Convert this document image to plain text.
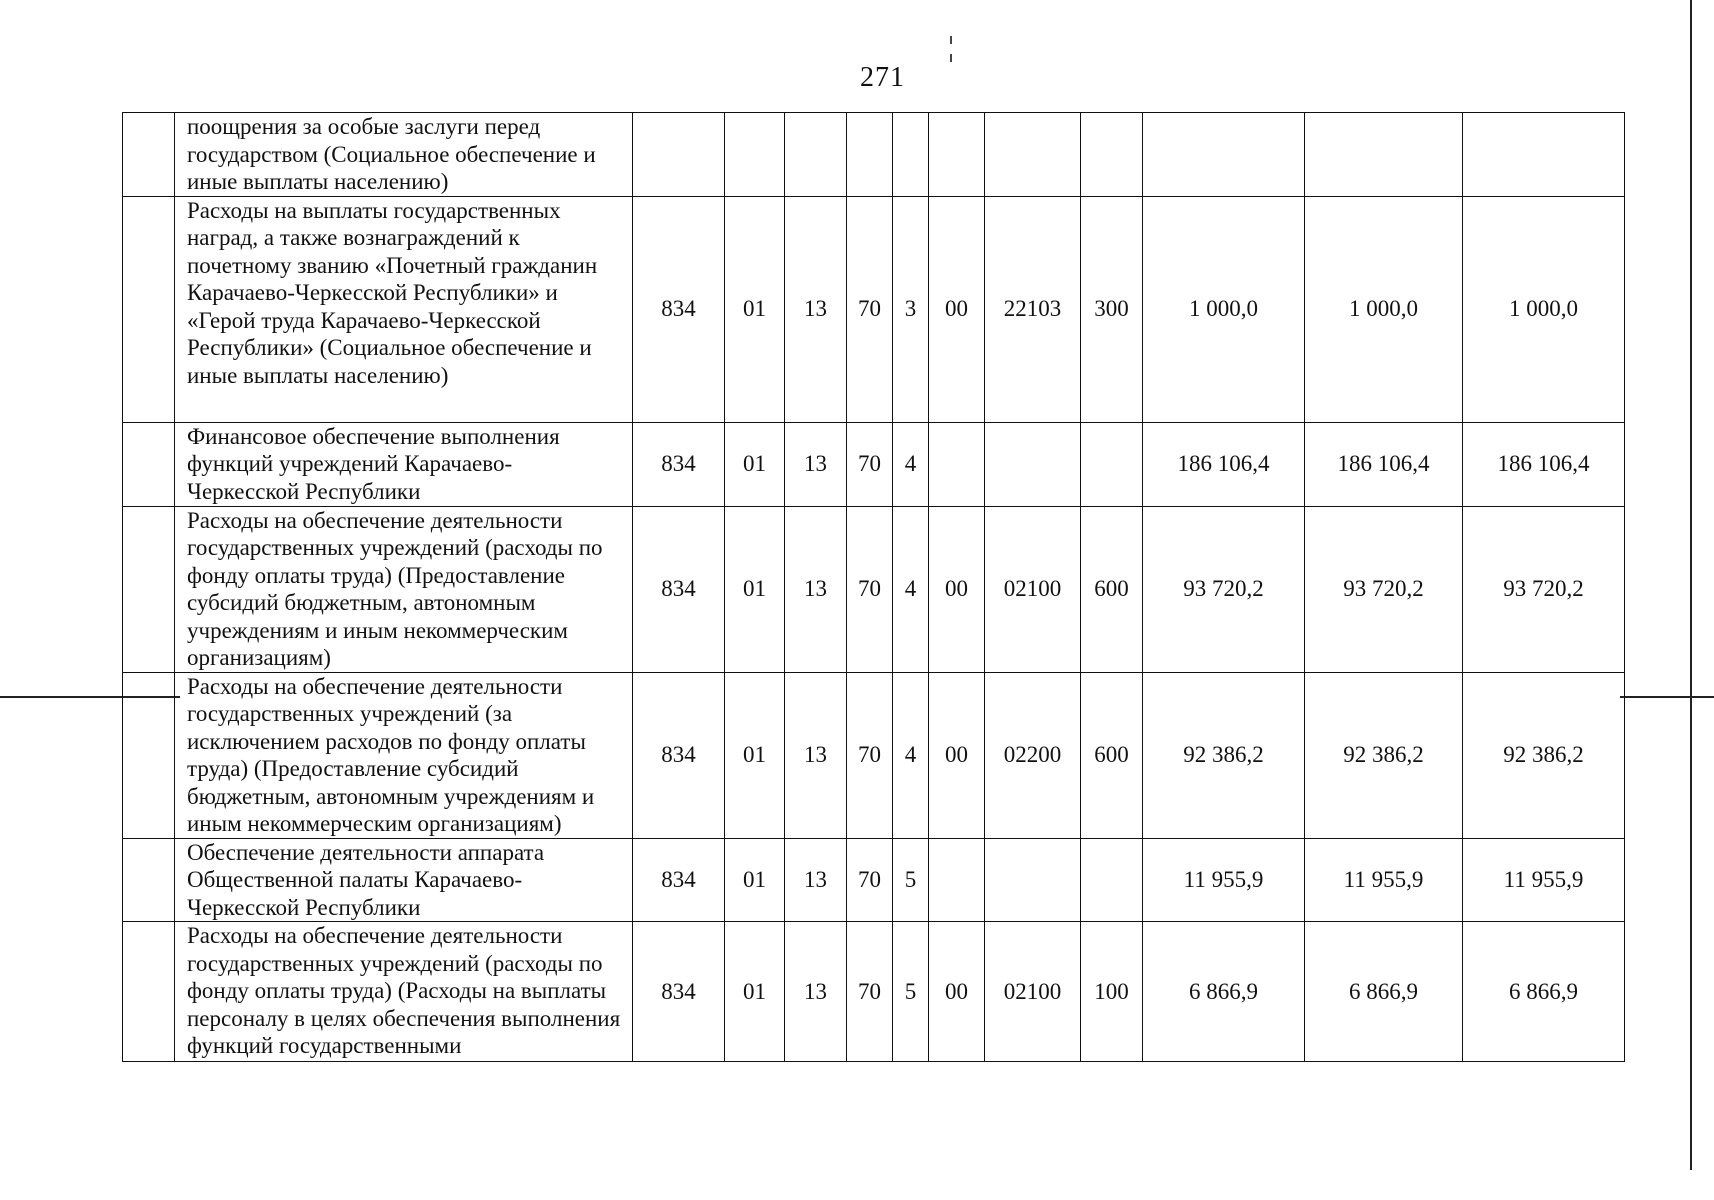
271
	поощрения за особые заслуги перед государством (Социальное обеспечение и иные выплаты населению)											
	Расходы на выплаты государственных наград, а также вознаграждений к почетному званию «Почетный гражданин Карачаево-Черкесской Республики» и «Герой труда Карачаево-Черкесской Республики» (Социальное обеспечение и иные выплаты населению)	834	01	13	70	3	00	22103	300	1 000,0	1 000,0	1 000,0
	Финансовое обеспечение выполнения функций учреждений Карачаево-Черкесской Республики	834	01	13	70	4				186 106,4	186 106,4	186 106,4
	Расходы на обеспечение деятельности государственных учреждений (расходы по фонду оплаты труда) (Предоставление субсидий бюджетным, автономным учреждениям и иным некоммерческим организациям)	834	01	13	70	4	00	02100	600	93 720,2	93 720,2	93 720,2
	Расходы на обеспечение деятельности государственных учреждений (за исключением расходов по фонду оплаты труда) (Предоставление субсидий бюджетным, автономным учреждениям и иным некоммерческим организациям)	834	01	13	70	4	00	02200	600	92 386,2	92 386,2	92 386,2
	Обеспечение деятельности аппарата Общественной палаты Карачаево-Черкесской Республики	834	01	13	70	5				11 955,9	11 955,9	11 955,9
	Расходы на обеспечение деятельности государственных учреждений (расходы по фонду оплаты труда) (Расходы на выплаты персоналу в целях обеспечения выполнения функций государственными	834	01	13	70	5	00	02100	100	6 866,9	6 866,9	6 866,9
